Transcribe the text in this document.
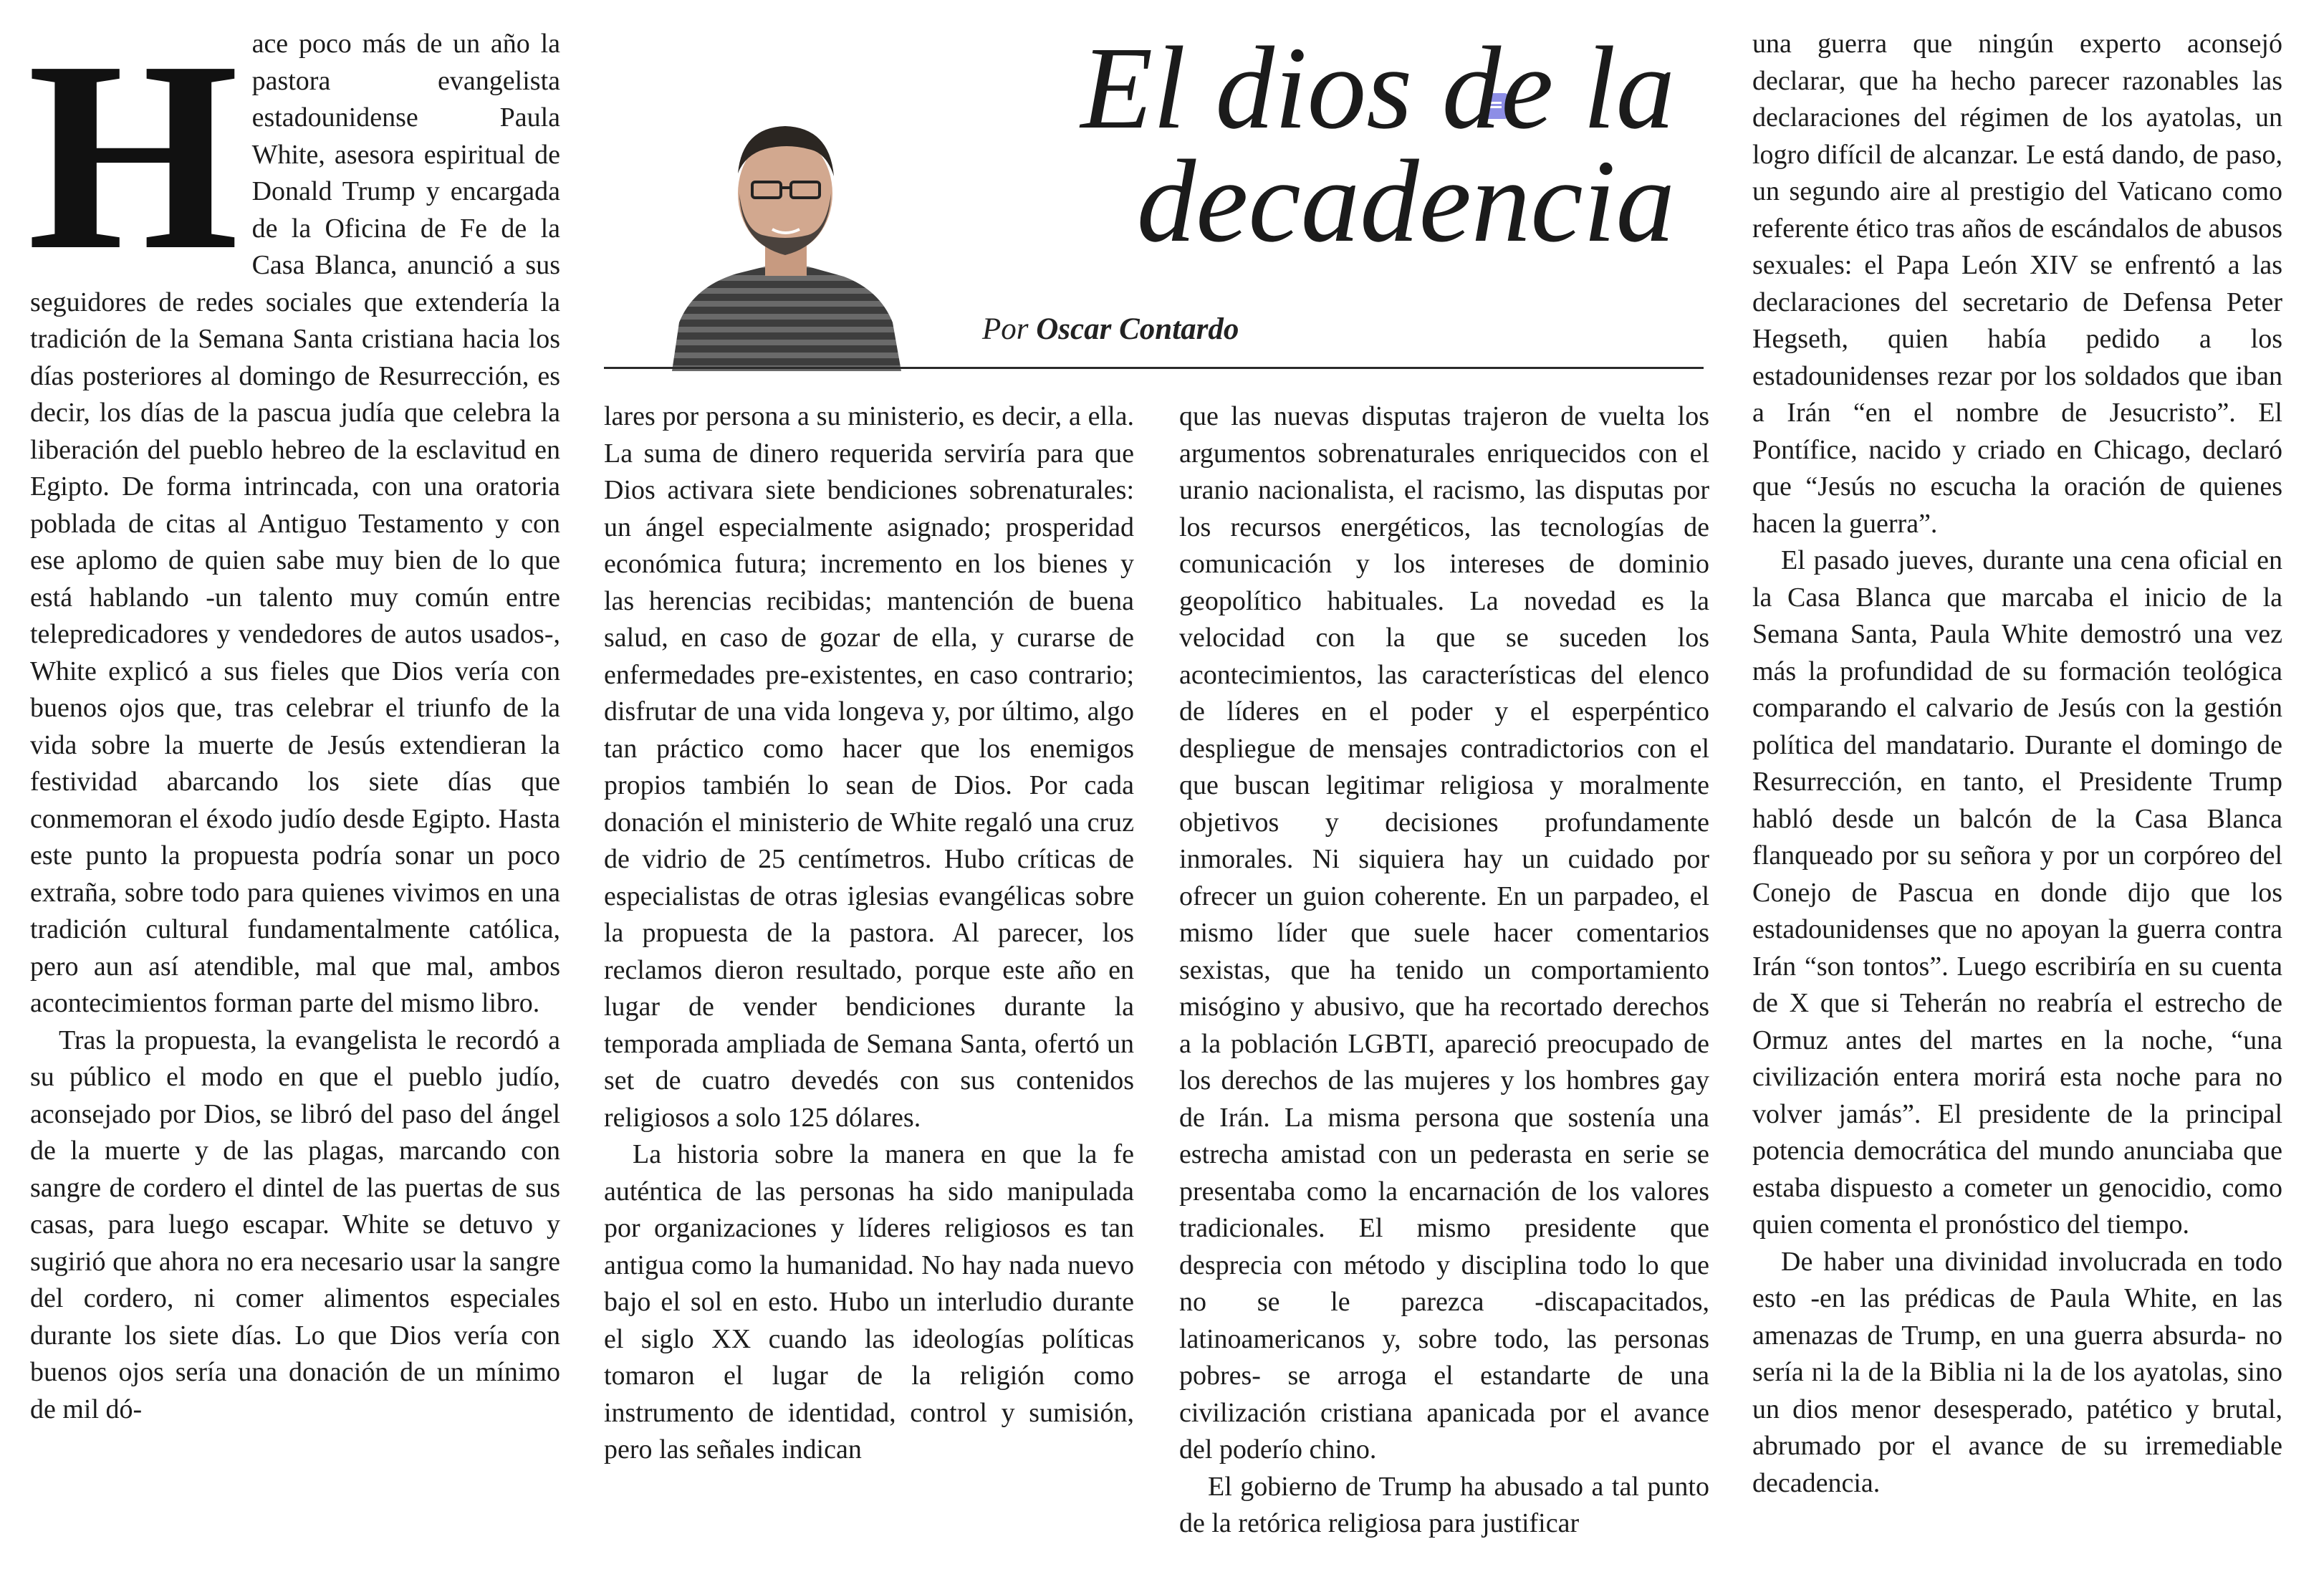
Hace poco más de un año la pastora evangelista estadounidense Paula White, asesora espiritual de Donald Trump y encargada de la Oficina de Fe de la Casa Blanca, anunció a sus seguidores de redes sociales que extendería la tradición de la Semana Santa cristiana hacia los días posteriores al domingo de Resurrección, es decir, los días de la pascua judía que celebra la liberación del pueblo hebreo de la esclavitud en Egipto. De forma intrincada, con una oratoria poblada de citas al Antiguo Testamento y con ese aplomo de quien sabe muy bien de lo que está hablando -un talento muy común entre telepredicadores y vendedores de autos usados-, White explicó a sus fieles que Dios vería con buenos ojos que, tras celebrar el triunfo de la vida sobre la muerte de Jesús extendieran la festividad abarcando los siete días que conmemoran el éxodo judío desde Egipto. Hasta este punto la propuesta podría sonar un poco extraña, sobre todo para quienes vivimos en una tradición cultural fundamentalmente católica, pero aun así atendible, mal que mal, ambos acontecimientos forman parte del mismo libro.

Tras la propuesta, la evangelista le recordó a su público el modo en que el pueblo judío, aconsejado por Dios, se libró del paso del ángel de la muerte y de las plagas, marcando con sangre de cordero el dintel de las puertas de sus casas, para luego escapar. White se detuvo y sugirió que ahora no era necesario usar la sangre del cordero, ni comer alimentos especiales durante los siete días. Lo que Dios vería con buenos ojos sería una donación de un mínimo de mil dó-

El dios de la
decadencia
Por Oscar Contardo

lares por persona a su ministerio, es decir, a ella. La suma de dinero requerida serviría para que Dios activara siete bendiciones sobrenaturales: un ángel especialmente asignado; prosperidad económica futura; incremento en los bienes y las herencias recibidas; mantención de buena salud, en caso de gozar de ella, y curarse de enfermedades pre-existentes, en caso contrario; disfrutar de una vida longeva y, por último, algo tan práctico como hacer que los enemigos propios también lo sean de Dios. Por cada donación el ministerio de White regaló una cruz de vidrio de 25 centímetros. Hubo críticas de especialistas de otras iglesias evangélicas sobre la propuesta de la pastora. Al parecer, los reclamos dieron resultado, porque este año en lugar de vender bendiciones durante la temporada ampliada de Semana Santa, ofertó un set de cuatro devedés con sus contenidos religiosos a solo 125 dólares.

La historia sobre la manera en que la fe auténtica de las personas ha sido manipulada por organizaciones y líderes religiosos es tan antigua como la humanidad. No hay nada nuevo bajo el sol en esto. Hubo un interludio durante el siglo XX cuando las ideologías políticas tomaron el lugar de la religión como instrumento de identidad, control y sumisión, pero las señales indican

que las nuevas disputas trajeron de vuelta los argumentos sobrenaturales enriquecidos con el uranio nacionalista, el racismo, las disputas por los recursos energéticos, las tecnologías de comunicación y los intereses de dominio geopolítico habituales. La novedad es la velocidad con la que se suceden los acontecimientos, las características del elenco de líderes en el poder y el esperpéntico despliegue de mensajes contradictorios con el que buscan legitimar religiosa y moralmente objetivos y decisiones profundamente inmorales. Ni siquiera hay un cuidado por ofrecer un guion coherente. En un parpadeo, el mismo líder que suele hacer comentarios sexistas, que ha tenido un comportamiento misógino y abusivo, que ha recortado derechos a la población LGBTI, apareció preocupado de los derechos de las mujeres y los hombres gay de Irán. La misma persona que sostenía una estrecha amistad con un pederasta en serie se presentaba como la encarnación de los valores tradicionales. El mismo presidente que desprecia con método y disciplina todo lo que no se le parezca -discapacitados, latinoamericanos y, sobre todo, las personas pobres- se arroga el estandarte de una civilización cristiana apanicada por el avance del poderío chino.

El gobierno de Trump ha abusado a tal punto de la retórica religiosa para justificar

una guerra que ningún experto aconsejó declarar, que ha hecho parecer razonables las declaraciones del régimen de los ayatolas, un logro difícil de alcanzar. Le está dando, de paso, un segundo aire al prestigio del Vaticano como referente ético tras años de escándalos de abusos sexuales: el Papa León XIV se enfrentó a las declaraciones del secretario de Defensa Peter Hegseth, quien había pedido a los estadounidenses rezar por los soldados que iban a Irán “en el nombre de Jesucristo”. El Pontífice, nacido y criado en Chicago, declaró que “Jesús no escucha la oración de quienes hacen la guerra”.

El pasado jueves, durante una cena oficial en la Casa Blanca que marcaba el inicio de la Semana Santa, Paula White demostró una vez más la profundidad de su formación teológica comparando el calvario de Jesús con la gestión política del mandatario. Durante el domingo de Resurrección, en tanto, el Presidente Trump habló desde un balcón de la Casa Blanca flanqueado por su señora y por un corpóreo del Conejo de Pascua en donde dijo que los estadounidenses que no apoyan la guerra contra Irán “son tontos”. Luego escribiría en su cuenta de X que si Teherán no reabría el estrecho de Ormuz antes del martes en la noche, “una civilización entera morirá esta noche para no volver jamás”. El presidente de la principal potencia democrática del mundo anunciaba que estaba dispuesto a cometer un genocidio, como quien comenta el pronóstico del tiempo.

De haber una divinidad involucrada en todo esto -en las prédicas de Paula White, en las amenazas de Trump, en una guerra absurda- no sería ni la de la Biblia ni la de los ayatolas, sino un dios menor desesperado, patético y brutal, abrumado por el avance de su irremediable decadencia.
